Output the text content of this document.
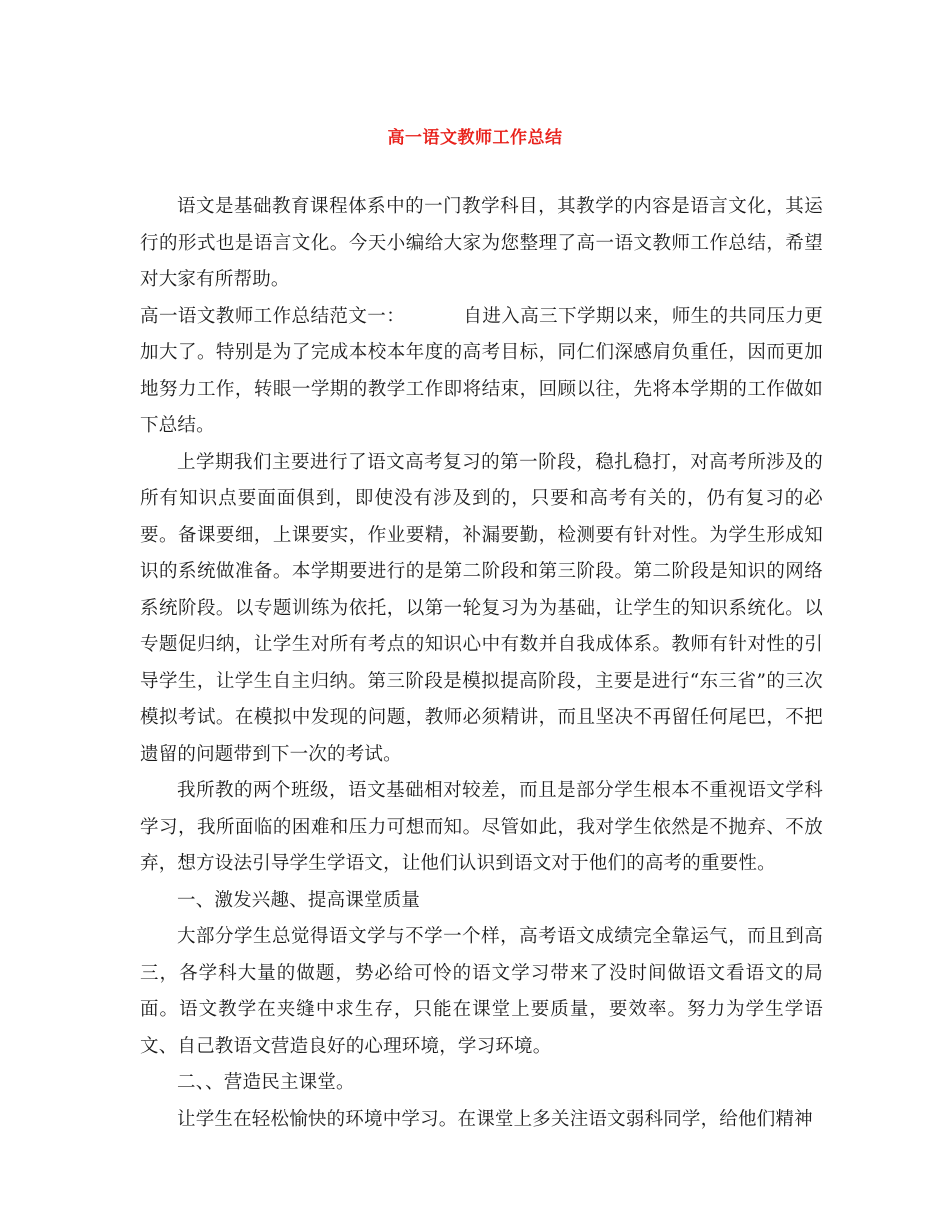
高一语文教师工作总结

语文是基础教育课程体系中的一门教学科目，其教学的内容是语言文化，其运行的形式也是语言文化。今天小编给大家为您整理了高一语文教师工作总结，希望对大家有所帮助。

高一语文教师工作总结范文一：	自进入高三下学期以来，师生的共同压力更加大了。特别是为了完成本校本年度的高考目标，同仁们深感肩负重任，因而更加地努力工作，转眼一学期的教学工作即将结束，回顾以往，先将本学期的工作做如下总结。

上学期我们主要进行了语文高考复习的第一阶段，稳扎稳打，对高考所涉及的所有知识点要面面俱到，即使没有涉及到的，只要和高考有关的，仍有复习的必要。备课要细，上课要实，作业要精，补漏要勤，检测要有针对性。为学生形成知识的系统做准备。本学期要进行的是第二阶段和第三阶段。第二阶段是知识的网络系统阶段。以专题训练为依托，以第一轮复习为为基础，让学生的知识系统化。以专题促归纳，让学生对所有考点的知识心中有数并自我成体系。教师有针对性的引导学生，让学生自主归纳。第三阶段是模拟提高阶段，主要是进行“东三省”的三次模拟考试。在模拟中发现的问题，教师必须精讲，而且坚决不再留任何尾巴，不把遗留的问题带到下一次的考试。

我所教的两个班级，语文基础相对较差，而且是部分学生根本不重视语文学科学习，我所面临的困难和压力可想而知。尽管如此，我对学生依然是不抛弃、不放弃，想方设法引导学生学语文，让他们认识到语文对于他们的高考的重要性。

一、激发兴趣、提高课堂质量

大部分学生总觉得语文学与不学一个样，高考语文成绩完全靠运气，而且到高三，各学科大量的做题，势必给可怜的语文学习带来了没时间做语文看语文的局面。语文教学在夹缝中求生存，只能在课堂上要质量，要效率。努力为学生学语文、自己教语文营造良好的心理环境，学习环境。

二、、营造民主课堂。

让学生在轻松愉快的环境中学习。在课堂上多关注语文弱科同学，给他们精神
